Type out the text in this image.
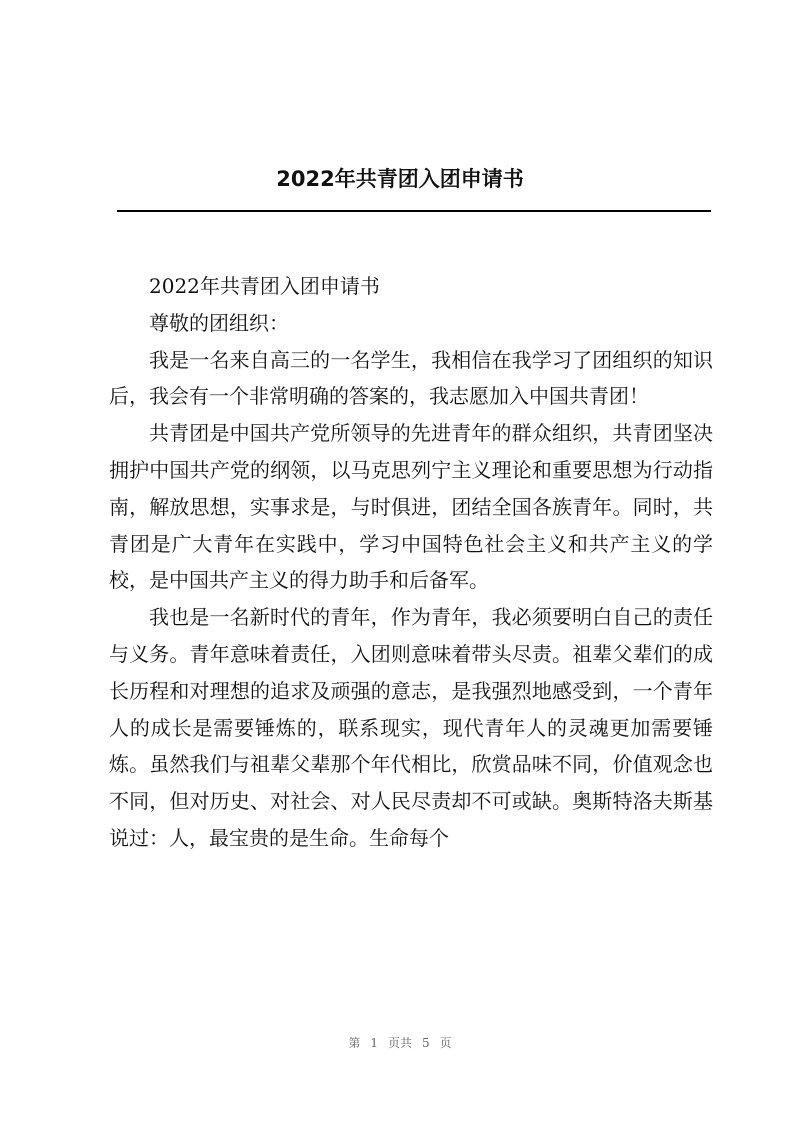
2022年共青团入团申请书

2022年共青团入团申请书

尊敬的团组织：

我是一名来自高三的一名学生，我相信在我学习了团组织的知识后，我会有一个非常明确的答案的，我志愿加入中国共青团！

共青团是中国共产党所领导的先进青年的群众组织，共青团坚决拥护中国共产党的纲领，以马克思列宁主义理论和重要思想为行动指南，解放思想，实事求是，与时俱进，团结全国各族青年。同时，共青团是广大青年在实践中，学习中国特色社会主义和共产主义的学校，是中国共产主义的得力助手和后备军。

我也是一名新时代的青年，作为青年，我必须要明白自己的责任与义务。青年意味着责任，入团则意味着带头尽责。祖辈父辈们的成长历程和对理想的追求及顽强的意志，是我强烈地感受到，一个青年人的成长是需要锤炼的，联系现实，现代青年人的灵魂更加需要锤炼。虽然我们与祖辈父辈那个年代相比，欣赏品味不同，价值观念也不同，但对历史、对社会、对人民尽责却不可或缺。奥斯特洛夫斯基说过：人，最宝贵的是生命。生命每个

第 1 页共 5 页
